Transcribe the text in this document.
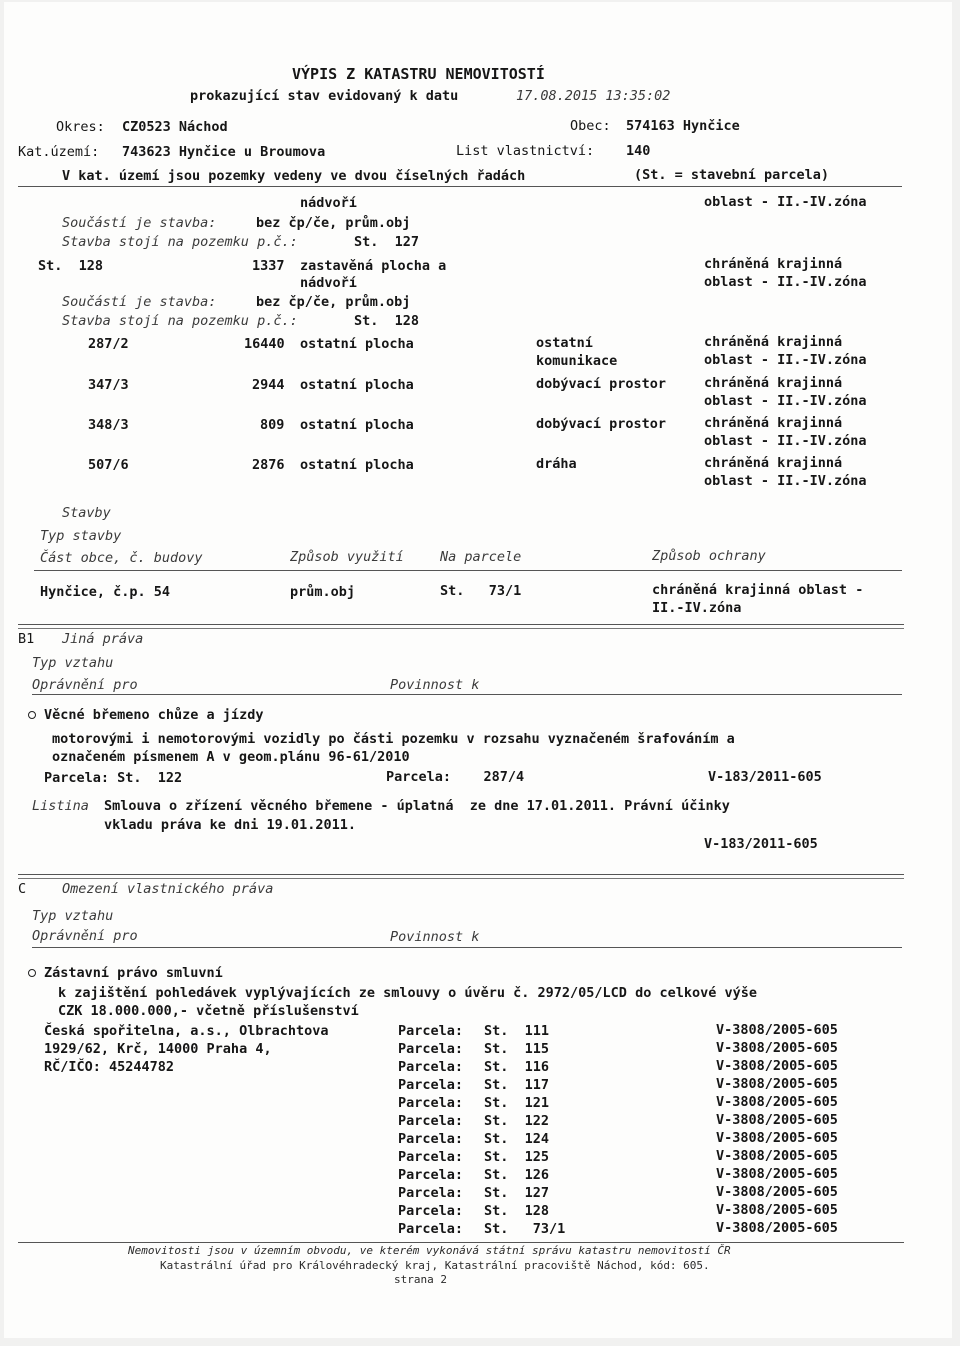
VÝPIS Z KATASTRU NEMOVITOSTÍ
prokazující stav evidovaný k datu	17.08.2015 13:35:02
Okres: CZ0523 Náchod	Obec: 574163 Hynčice
Kat.území: 743623 Hynčice u Broumova	List vlastnictví: 140
V kat. území jsou pozemky vedeny ve dvou číselných řadách	(St. = stavební parcela)
nádvoří	oblast - II.-IV.zóna
Součástí je stavba:	bez čp/če, prům.obj
Stavba stojí na pozemku p.č.:	St.  127
St.  128	1337 zastavěná plocha a
nádvoří
chráněná krajinná
oblast - II.-IV.zóna
Součástí je stavba:	bez čp/če, prům.obj
Stavba stojí na pozemku p.č.:	St.  128
287/2	16440 ostatní plocha	ostatní
komunikace
chráněná krajinná
oblast - II.-IV.zóna
347/3	2944 ostatní plocha	dobývací prostor	chráněná krajinná
oblast - II.-IV.zóna
348/3	809 ostatní plocha	dobývací prostor	chráněná krajinná
oblast - II.-IV.zóna
507/6	2876 ostatní plocha	dráha	chráněná krajinná
oblast - II.-IV.zóna
Stavby
Typ stavby
Část obce, č. budovy	Způsob využití	Na parcele	Způsob ochrany
Hynčice, č.p. 54	prům.obj	St.   73/1	chráněná krajinná oblast -
II.-IV.zóna
B1 Jiná práva
Typ vztahu
Oprávnění pro	Povinnost k
Věcné břemeno chůze a jízdy
motorovými i nemotorovými vozidly po části pozemku v rozsahu vyznačeném šrafováním a
označeném písmenem A v geom.plánu 96-61/2010
Parcela: St.  122	Parcela:    287/4	V-183/2011-605
Listina Smlouva o zřízení věcného břemene - úplatná  ze dne 17.01.2011. Právní účinky
vkladu práva ke dni 19.01.2011.
V-183/2011-605
C	Omezení vlastnického práva
Typ vztahu
Oprávnění pro	Povinnost k
Zástavní právo smluvní
k zajištění pohledávek vyplývajících ze smlouvy o úvěru č. 2972/05/LCD do celkové výše
CZK 18.000.000,- včetně příslušenství
Česká spořitelna, a.s., Olbrachtova
1929/62, Krč, 14000 Praha 4,
RČ/IČO: 45244782
Parcela: St.  111	V-3808/2005-605
Parcela: St.  115	V-3808/2005-605
Parcela: St.  116	V-3808/2005-605
Parcela: St.  117	V-3808/2005-605
Parcela: St.  121	V-3808/2005-605
Parcela: St.  122	V-3808/2005-605
Parcela: St.  124	V-3808/2005-605
Parcela: St.  125	V-3808/2005-605
Parcela: St.  126	V-3808/2005-605
Parcela: St.  127	V-3808/2005-605
Parcela: St.  128	V-3808/2005-605
Parcela: St.   73/1	V-3808/2005-605
Nemovitosti jsou v územním obvodu, ve kterém vykonává státní správu katastru nemovitostí ČR
Katastrální úřad pro Královéhradecký kraj, Katastrální pracoviště Náchod, kód: 605.
strana 2
